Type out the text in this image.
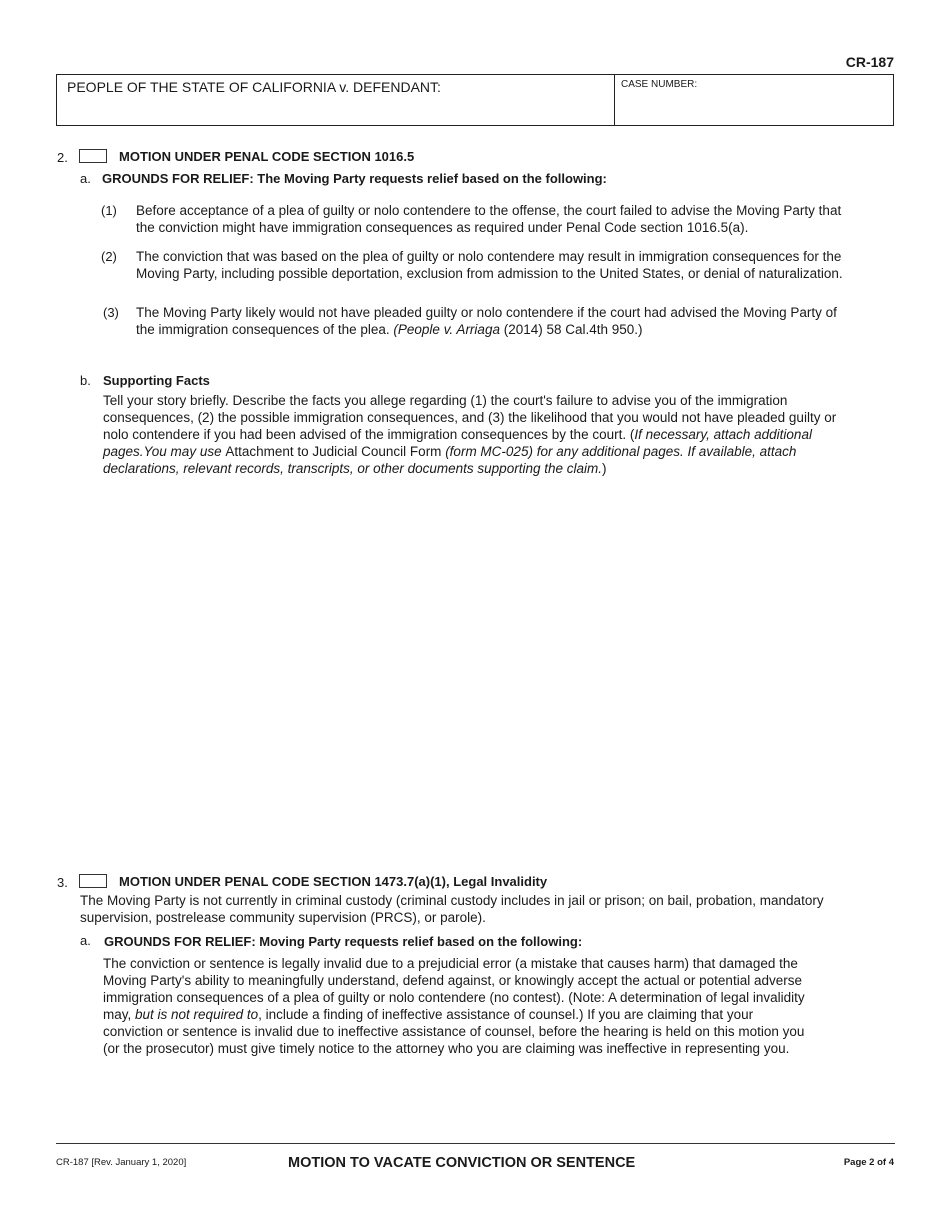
CR-187
PEOPLE OF THE STATE OF CALIFORNIA v. DEFENDANT:	CASE NUMBER:
2.	MOTION UNDER PENAL CODE SECTION 1016.5
a. GROUNDS FOR RELIEF: The Moving Party requests relief based on the following:
(1) Before acceptance of a plea of guilty or nolo contendere to the offense, the court failed to advise the Moving Party that
the conviction might have immigration consequences as required under Penal Code section 1016.5(a).
(2) The conviction that was based on the plea of guilty or nolo contendere may result in immigration consequences for the
Moving Party, including possible deportation, exclusion from admission to the United States, or denial of naturalization.
(3) The Moving Party likely would not have pleaded guilty or nolo contendere if the court had advised the Moving Party of
the immigration consequences of the plea. (People v. Arriaga (2014) 58 Cal.4th 950.)
b. Supporting Facts
Tell your story briefly. Describe the facts you allege regarding (1) the court's failure to advise you of the immigration
consequences, (2) the possible immigration consequences, and (3) the likelihood that you would not have pleaded guilty or
nolo contendere if you had been advised of the immigration consequences by the court. (If necessary, attach additional
pages.You may use Attachment to Judicial Council Form (form MC-025) for any additional pages. If available, attach
declarations, relevant records, transcripts, or other documents supporting the claim.)
3.	MOTION UNDER PENAL CODE SECTION 1473.7(a)(1), Legal Invalidity
The Moving Party is not currently in criminal custody (criminal custody includes in jail or prison; on bail, probation, mandatory
supervision, postrelease community supervision (PRCS), or parole).
a. GROUNDS FOR RELIEF: Moving Party requests relief based on the following:
The conviction or sentence is legally invalid due to a prejudicial error (a mistake that causes harm) that damaged the
Moving Party's ability to meaningfully understand, defend against, or knowingly accept the actual or potential adverse
immigration consequences of a plea of guilty or nolo contendere (no contest). (Note: A determination of legal invalidity
may, but is not required to, include a finding of ineffective assistance of counsel.) If you are claiming that your
conviction or sentence is invalid due to ineffective assistance of counsel, before the hearing is held on this motion you
(or the prosecutor) must give timely notice to the attorney who you are claiming was ineffective in representing you.
CR-187 [Rev. January 1, 2020]	MOTION TO VACATE CONVICTION OR SENTENCE	Page 2 of 4
